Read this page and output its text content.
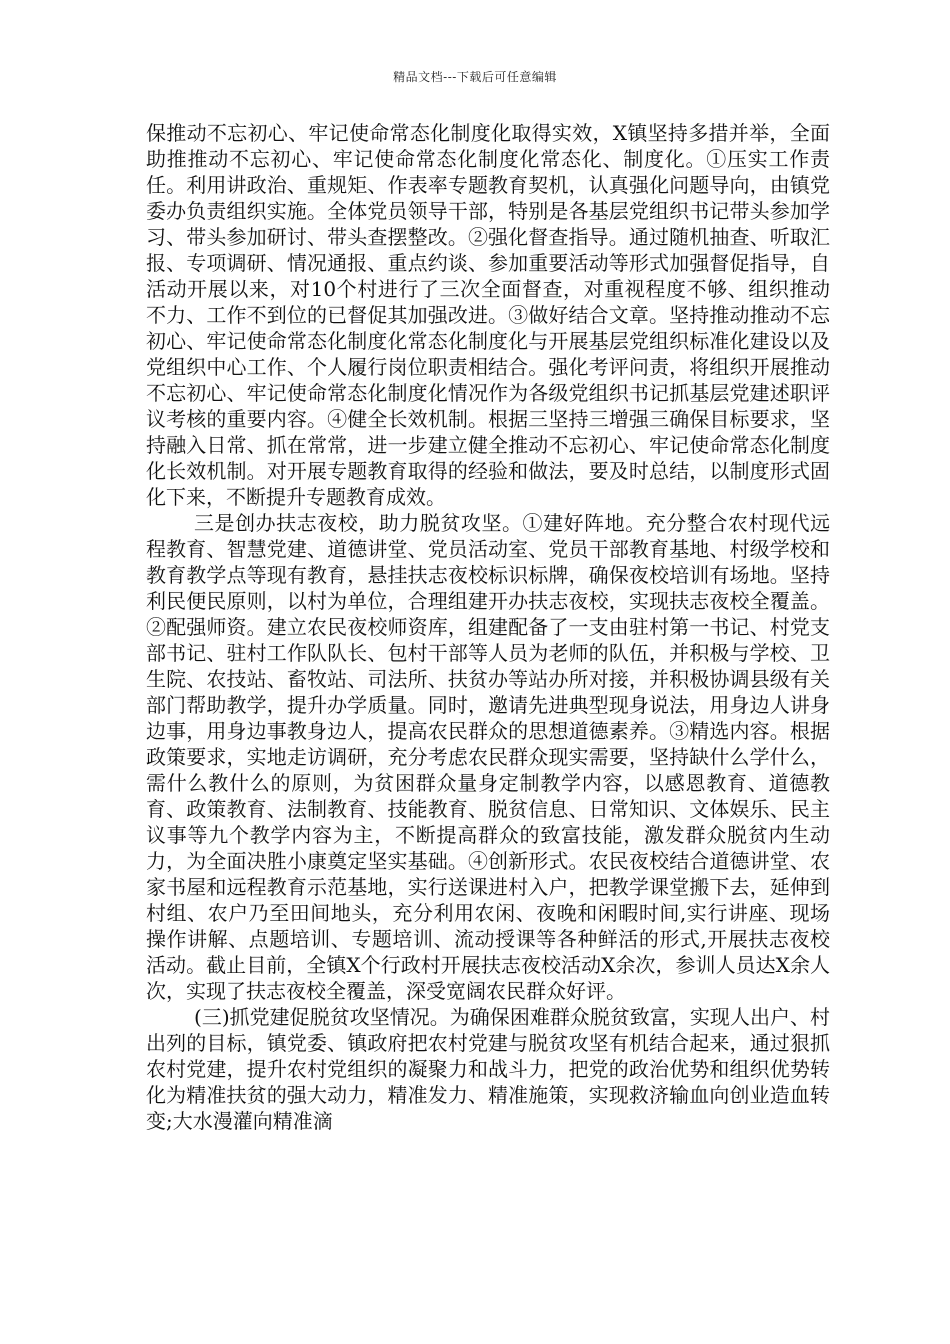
精品文档---下载后可任意编辑

保推动不忘初心、牢记使命常态化制度化取得实效，X镇坚持多措并举，全面助推推动不忘初心、牢记使命常态化制度化常态化、制度化。①压实工作责任。利用讲政治、重规矩、作表率专题教育契机，认真强化问题导向，由镇党委办负责组织实施。全体党员领导干部，特别是各基层党组织书记带头参加学习、带头参加研讨、带头查摆整改。②强化督查指导。通过随机抽查、听取汇报、专项调研、情况通报、重点约谈、参加重要活动等形式加强督促指导，自活动开展以来，对10个村进行了三次全面督查，对重视程度不够、组织推动不力、工作不到位的已督促其加强改进。③做好结合文章。坚持推动推动不忘初心、牢记使命常态化制度化常态化制度化与开展基层党组织标准化建设以及党组织中心工作、个人履行岗位职责相结合。强化考评问责，将组织开展推动不忘初心、牢记使命常态化制度化情况作为各级党组织书记抓基层党建述职评议考核的重要内容。④健全长效机制。根据三坚持三增强三确保目标要求，坚持融入日常、抓在常常，进一步建立健全推动不忘初心、牢记使命常态化制度化长效机制。对开展专题教育取得的经验和做法，要及时总结，以制度形式固化下来，不断提升专题教育成效。

三是创办扶志夜校，助力脱贫攻坚。①建好阵地。充分整合农村现代远程教育、智慧党建、道德讲堂、党员活动室、党员干部教育基地、村级学校和教育教学点等现有教育，悬挂扶志夜校标识标牌，确保夜校培训有场地。坚持利民便民原则，以村为单位，合理组建开办扶志夜校，实现扶志夜校全覆盖。②配强师资。建立农民夜校师资库，组建配备了一支由驻村第一书记、村党支部书记、驻村工作队队长、包村干部等人员为老师的队伍，并积极与学校、卫生院、农技站、畜牧站、司法所、扶贫办等站办所对接，并积极协调县级有关部门帮助教学，提升办学质量。同时，邀请先进典型现身说法，用身边人讲身边事，用身边事教身边人，提高农民群众的思想道德素养。③精选内容。根据政策要求，实地走访调研，充分考虑农民群众现实需要，坚持缺什么学什么，需什么教什么的原则，为贫困群众量身定制教学内容，以感恩教育、道德教育、政策教育、法制教育、技能教育、脱贫信息、日常知识、文体娱乐、民主议事等九个教学内容为主，不断提高群众的致富技能，激发群众脱贫内生动力，为全面决胜小康奠定坚实基础。④创新形式。农民夜校结合道德讲堂、农家书屋和远程教育示范基地，实行送课进村入户，把教学课堂搬下去，延伸到村组、农户乃至田间地头，充分利用农闲、夜晚和闲暇时间,实行讲座、现场操作讲解、点题培训、专题培训、流动授课等各种鲜活的形式,开展扶志夜校活动。截止目前，全镇X个行政村开展扶志夜校活动X余次，参训人员达X余人次，实现了扶志夜校全覆盖，深受宽阔农民群众好评。

(三)抓党建促脱贫攻坚情况。为确保困难群众脱贫致富，实现人出户、村出列的目标，镇党委、镇政府把农村党建与脱贫攻坚有机结合起来，通过狠抓农村党建，提升农村党组织的凝聚力和战斗力，把党的政治优势和组织优势转化为精准扶贫的强大动力，精准发力、精准施策，实现救济输血向创业造血转变;大水漫灌向精准滴
